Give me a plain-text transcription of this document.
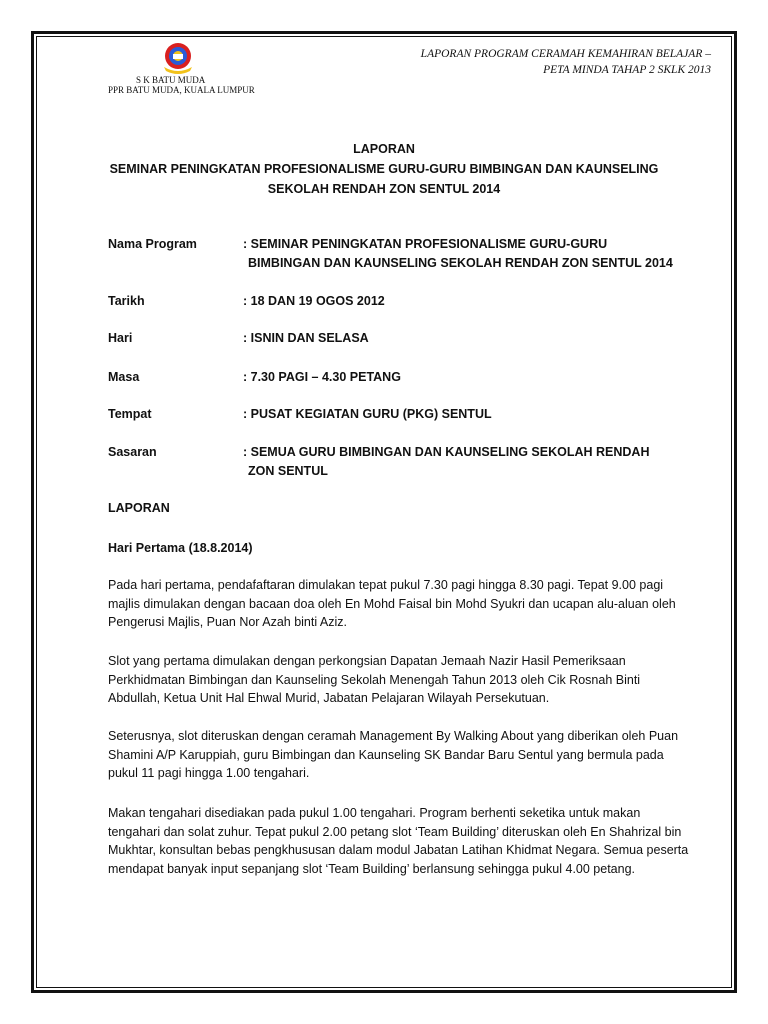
S K BATU MUDA
PPR BATU MUDA, KUALA LUMPUR
LAPORAN PROGRAM CERAMAH KEMAHIRAN BELAJAR –
PETA MINDA TAHAP 2 SKLK 2013
LAPORAN
SEMINAR PENINGKATAN PROFESIONALISME GURU-GURU BIMBINGAN DAN KAUNSELING
SEKOLAH RENDAH ZON SENTUL 2014
Nama Program	: SEMINAR PENINGKATAN PROFESIONALISME GURU-GURU
BIMBINGAN DAN KAUNSELING SEKOLAH RENDAH ZON SENTUL 2014
Tarikh	: 18 DAN 19 OGOS 2012
Hari	: ISNIN DAN SELASA
Masa	: 7.30 PAGI – 4.30 PETANG
Tempat	: PUSAT KEGIATAN GURU (PKG) SENTUL
Sasaran	: SEMUA GURU BIMBINGAN DAN KAUNSELING SEKOLAH RENDAH
ZON SENTUL
LAPORAN
Hari Pertama (18.8.2014)
Pada hari pertama, pendafaftaran dimulakan tepat pukul 7.30 pagi hingga 8.30 pagi. Tepat 9.00 pagi majlis dimulakan dengan bacaan doa oleh En Mohd Faisal bin Mohd Syukri dan ucapan alu-aluan oleh Pengerusi Majlis, Puan Nor Azah binti Aziz.
Slot yang pertama dimulakan dengan perkongsian Dapatan Jemaah Nazir Hasil Pemeriksaan Perkhidmatan Bimbingan dan Kaunseling Sekolah Menengah Tahun 2013 oleh Cik Rosnah Binti Abdullah, Ketua Unit Hal Ehwal Murid, Jabatan Pelajaran Wilayah Persekutuan.
Seterusnya, slot diteruskan dengan ceramah Management By Walking About yang diberikan oleh Puan Shamini A/P Karuppiah, guru Bimbingan dan Kaunseling SK Bandar Baru Sentul yang bermula pada pukul 11 pagi hingga 1.00 tengahari.
Makan tengahari disediakan pada pukul 1.00 tengahari. Program berhenti seketika untuk makan tengahari dan solat zuhur. Tepat pukul 2.00 petang slot ‘Team Building’ diteruskan oleh En Shahrizal bin Mukhtar, konsultan bebas pengkhususan dalam modul Jabatan Latihan Khidmat Negara. Semua peserta mendapat banyak input sepanjang slot ‘Team Building’ berlansung sehingga pukul 4.00 petang.
